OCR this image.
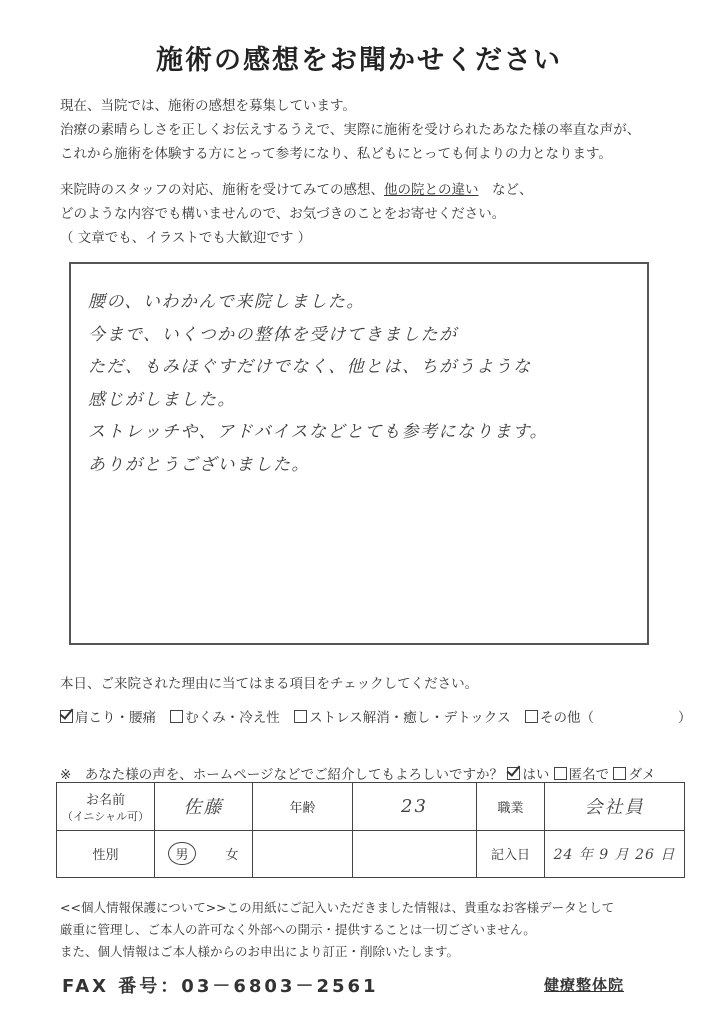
施術の感想をお聞かせください
現在、当院では、施術の感想を募集しています。
治療の素晴らしさを正しくお伝えするうえで、実際に施術を受けられたあなた様の率直な声が、
これから施術を体験する方にとって参考になり、私どもにとっても何よりの力となります。
来院時のスタッフの対応、施術を受けてみての感想、他の院との違い　 など、
どのような内容でも構いませんので、お気づきのことをお寄せください。
（ 文章でも、イラストでも大歓迎です ）
腰の、いわかんで来院しました。
今まで、いくつかの整体を受けてきましたが
ただ、もみほぐすだけでなく、他とは、ちがうような
感じがしました。
ストレッチや、アドバイスなどとても参考になります。
ありがとうございました。
本日、ご来院された理由に当てはまる項目をチェックしてください。
肩こり・腰痛 むくみ・冷え性 ストレス解消・癒し・デトックス その他（	）
※　あなた様の声を、ホームページなどでご紹介してもよろしいですか？ はい 匿名で ダメ
お名前
（イニシャル可）	佐藤	年齢	23	職業	会社員
性別	男 女			記入日	24 年 9 月 26 日
<<個人情報保護について>>この用紙にご記入いただきました情報は、貴重なお客様データとして
厳重に管理し、ご本人の許可なく外部への開示・提供することは一切ございません。
また、個人情報はご本人様からのお申出により訂正・削除いたします。
FAX 番号：03－6803－2561	健療整体院
